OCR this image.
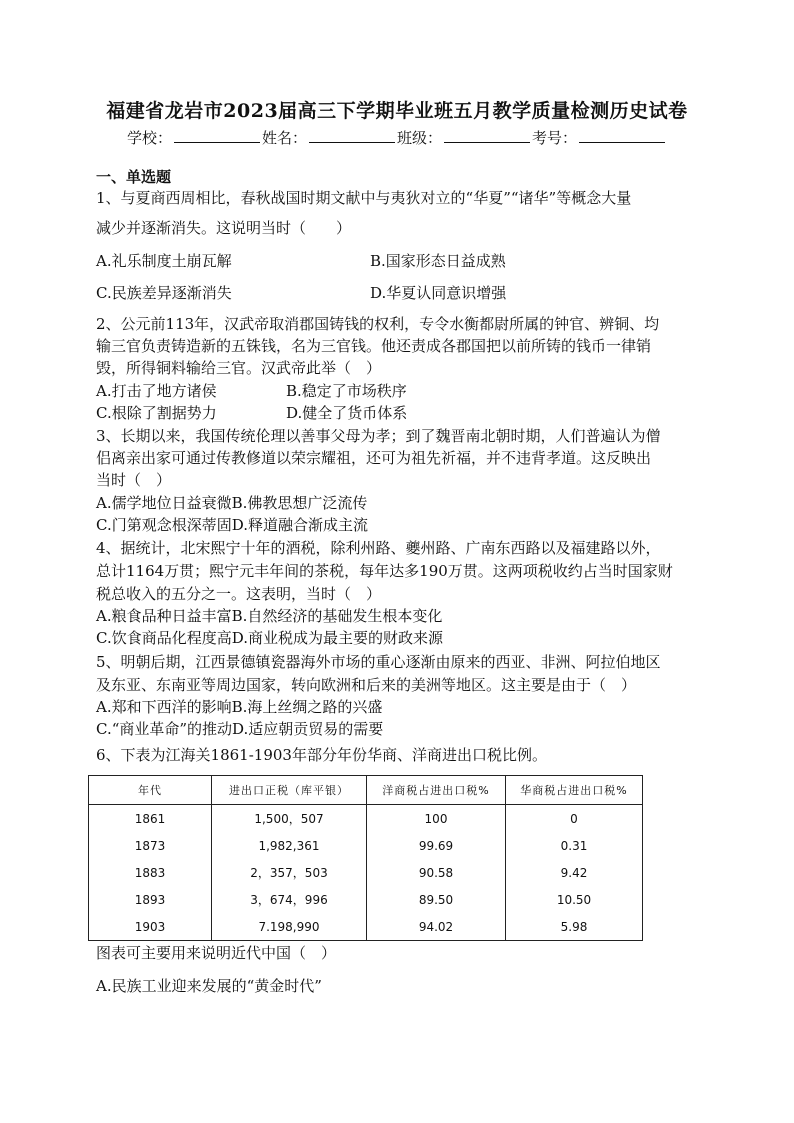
福建省龙岩市2023届高三下学期毕业班五月教学质量检测历史试卷
学校：	姓名：	班级：	考号：
一、单选题
1、与夏商西周相比，春秋战国时期文献中与夷狄对立的“华夏”“诸华”等概念大量
减少并逐渐消失。这说明当时（　　）
A.礼乐制度土崩瓦解	B.国家形态日益成熟
C.民族差异逐渐消失	D.华夏认同意识增强
2、公元前113年，汉武帝取消郡国铸钱的权利，专令水衡都尉所属的钟官、辨铜、均
输三官负责铸造新的五铢钱，名为三官钱。他还责成各郡国把以前所铸的钱币一律销
毁，所得铜料输给三官。汉武帝此举（　）
A.打击了地方诸侯	B.稳定了市场秩序
C.根除了割据势力	D.健全了货币体系
3、长期以来，我国传统伦理以善事父母为孝；到了魏晋南北朝时期，人们普遍认为僧
侣离亲出家可通过传教修道以荣宗耀祖，还可为祖先祈福，并不违背孝道。这反映出
当时（　）
A.儒学地位日益衰微B.佛教思想广泛流传
C.门第观念根深蒂固D.释道融合渐成主流
4、据统计，北宋熙宁十年的酒税，除利州路、夔州路、广南东西路以及福建路以外，
总计1164万贯；熙宁元丰年间的茶税，每年达多190万贯。这两项税收约占当时国家财
税总收入的五分之一。这表明，当时（　）
A.粮食品种日益丰富B.自然经济的基础发生根本变化
C.饮食商品化程度高D.商业税成为最主要的财政来源
5、明朝后期，江西景德镇瓷器海外市场的重心逐渐由原来的西亚、非洲、阿拉伯地区
及东亚、东南亚等周边国家，转向欧洲和后来的美洲等地区。这主要是由于（　）
A.郑和下西洋的影响B.海上丝绸之路的兴盛
C.“商业革命”的推动D.适应朝贡贸易的需要
6、下表为江海关1861-1903年部分年份华商、洋商进出口税比例。
年代	进出口正税（库平银）	洋商税占进出口税%	华商税占进出口税%
1861	1,500，507	100	0
1873	1,982,361	99.69	0.31
1883	2，357，503	90.58	9.42
1893	3，674，996	89.50	10.50
1903	7.198,990	94.02	5.98
图表可主要用来说明近代中国（　）
A.民族工业迎来发展的“黄金时代”
